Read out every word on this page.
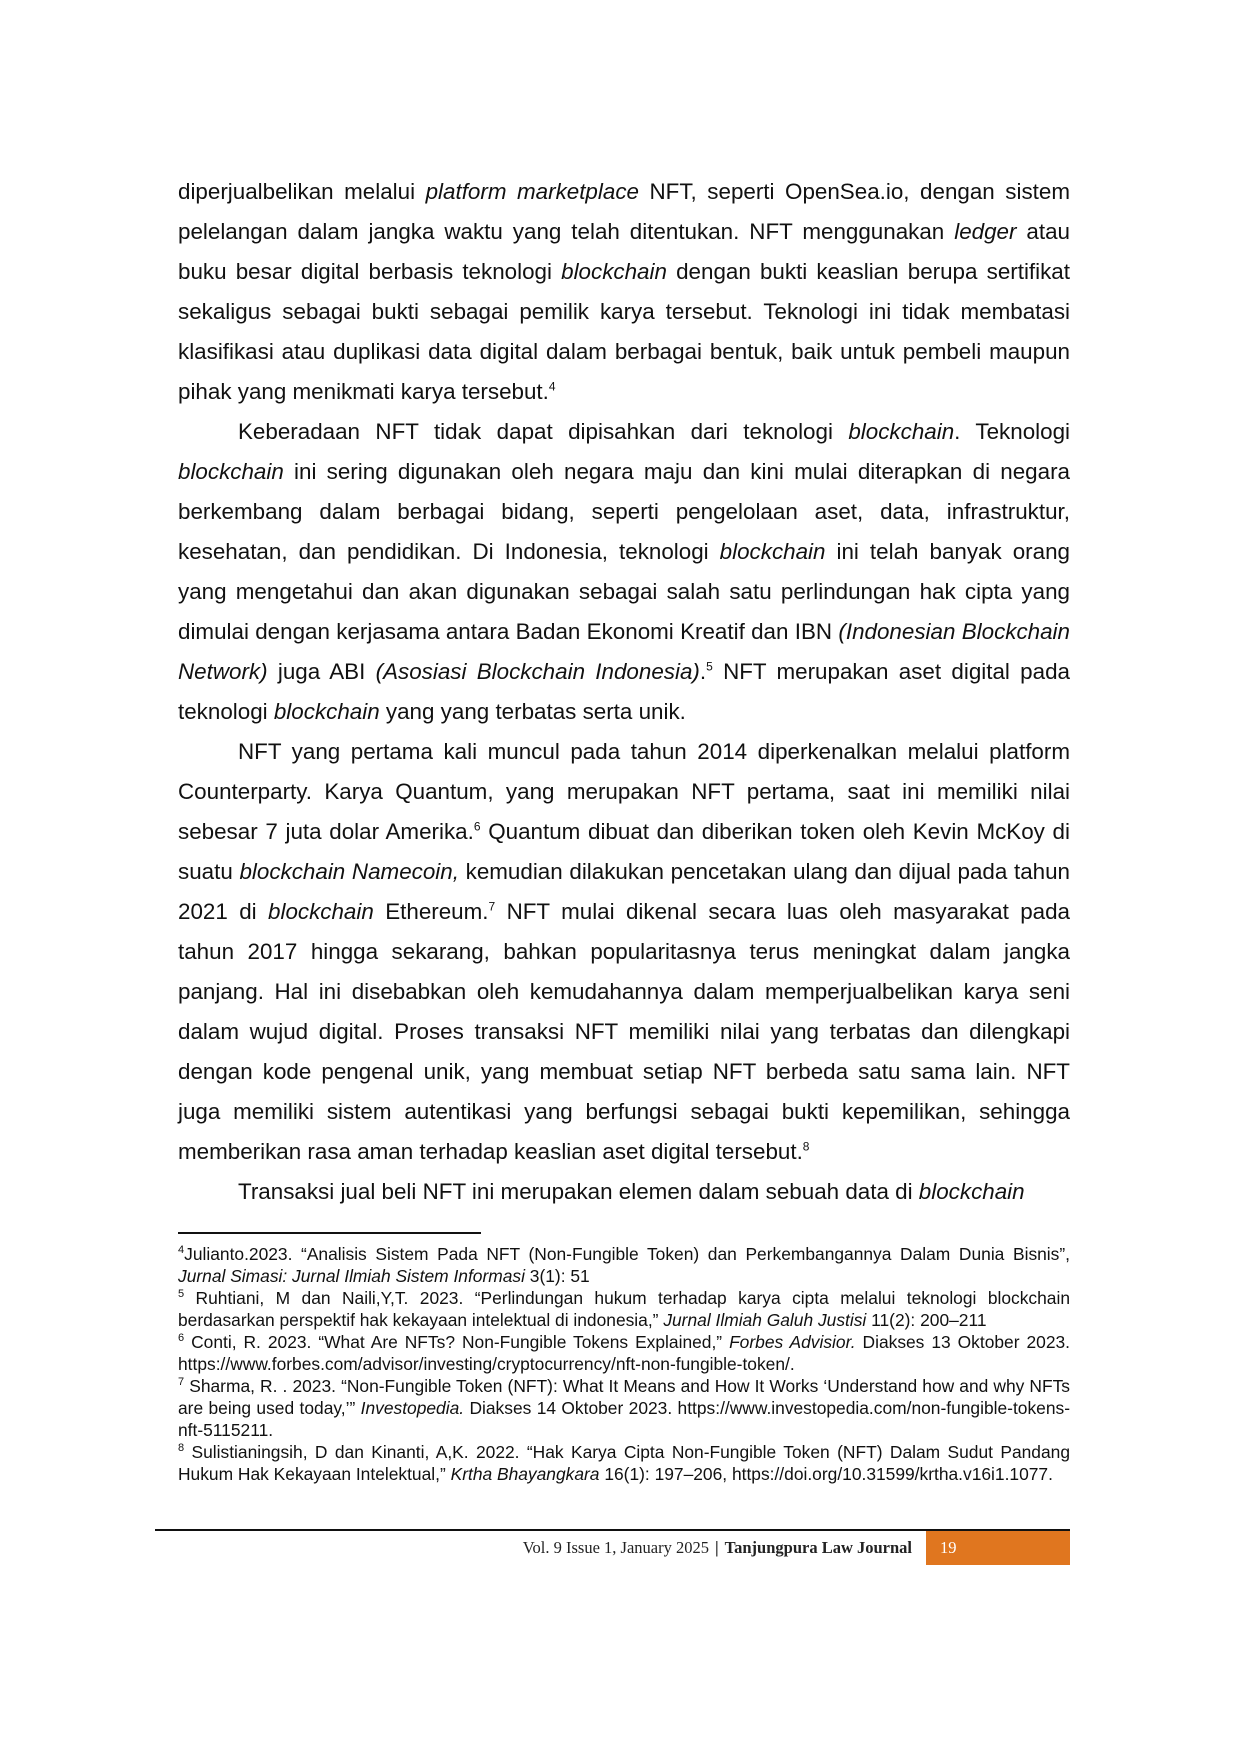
diperjualbelikan melalui platform marketplace NFT, seperti OpenSea.io, dengan sistem pelelangan dalam jangka waktu yang telah ditentukan. NFT menggunakan ledger atau buku besar digital berbasis teknologi blockchain dengan bukti keaslian berupa sertifikat sekaligus sebagai bukti sebagai pemilik karya tersebut. Teknologi ini tidak membatasi klasifikasi atau duplikasi data digital dalam berbagai bentuk, baik untuk pembeli maupun pihak yang menikmati karya tersebut.$^4$

Keberadaan NFT tidak dapat dipisahkan dari teknologi blockchain. Teknologi blockchain ini sering digunakan oleh negara maju dan kini mulai diterapkan di negara berkembang dalam berbagai bidang, seperti pengelolaan aset, data, infrastruktur, kesehatan, dan pendidikan. Di Indonesia, teknologi blockchain ini telah banyak orang yang mengetahui dan akan digunakan sebagai salah satu perlindungan hak cipta yang dimulai dengan kerjasama antara Badan Ekonomi Kreatif dan IBN (Indonesian Blockchain Network) juga ABI (Asosiasi Blockchain Indonesia).$^5$ NFT merupakan aset digital pada teknologi blockchain yang yang terbatas serta unik.

NFT yang pertama kali muncul pada tahun 2014 diperkenalkan melalui platform Counterparty. Karya Quantum, yang merupakan NFT pertama, saat ini memiliki nilai sebesar 7 juta dolar Amerika.$^6$ Quantum dibuat dan diberikan token oleh Kevin McKoy di suatu blockchain Namecoin, kemudian dilakukan pencetakan ulang dan dijual pada tahun 2021 di blockchain Ethereum.$^7$ NFT mulai dikenal secara luas oleh masyarakat pada tahun 2017 hingga sekarang, bahkan popularitasnya terus meningkat dalam jangka panjang. Hal ini disebabkan oleh kemudahannya dalam memperjualbelikan karya seni dalam wujud digital. Proses transaksi NFT memiliki nilai yang terbatas dan dilengkapi dengan kode pengenal unik, yang membuat setiap NFT berbeda satu sama lain. NFT juga memiliki sistem autentikasi yang berfungsi sebagai bukti kepemilikan, sehingga memberikan rasa aman terhadap keaslian aset digital tersebut.$^8$

Transaksi jual beli NFT ini merupakan elemen dalam sebuah data di blockchain

$^4$Julianto.2023. “Analisis Sistem Pada NFT (Non-Fungible Token) dan Perkembangannya Dalam Dunia Bisnis”, Jurnal Simasi: Jurnal Ilmiah Sistem Informasi 3(1): 51

$^5$ Ruhtiani, M dan Naili,Y,T. 2023. “Perlindungan hukum terhadap karya cipta melalui teknologi blockchain berdasarkan perspektif hak kekayaan intelektual di indonesia,” Jurnal Ilmiah Galuh Justisi 11(2): 200–211

$^6$ Conti, R. 2023. “What Are NFTs? Non-Fungible Tokens Explained,” Forbes Advisior. Diakses 13 Oktober 2023. https://www.forbes.com/advisor/investing/cryptocurrency/nft-non-fungible-token/.

$^7$ Sharma, R. . 2023. “Non-Fungible Token (NFT): What It Means and How It Works ‘Understand how and why NFTs are being used today,’” Investopedia. Diakses 14 Oktober 2023. https://www.investopedia.com/non-fungible-tokens-nft-5115211.

$^8$ Sulistianingsih, D dan Kinanti, A,K. 2022. “Hak Karya Cipta Non-Fungible Token (NFT) Dalam Sudut Pandang Hukum Hak Kekayaan Intelektual,” Krtha Bhayangkara 16(1): 197–206, https://doi.org/10.31599/krtha.v16i1.1077.

Vol. 9 Issue 1, January 2025 | Tanjungpura Law Journal 19
